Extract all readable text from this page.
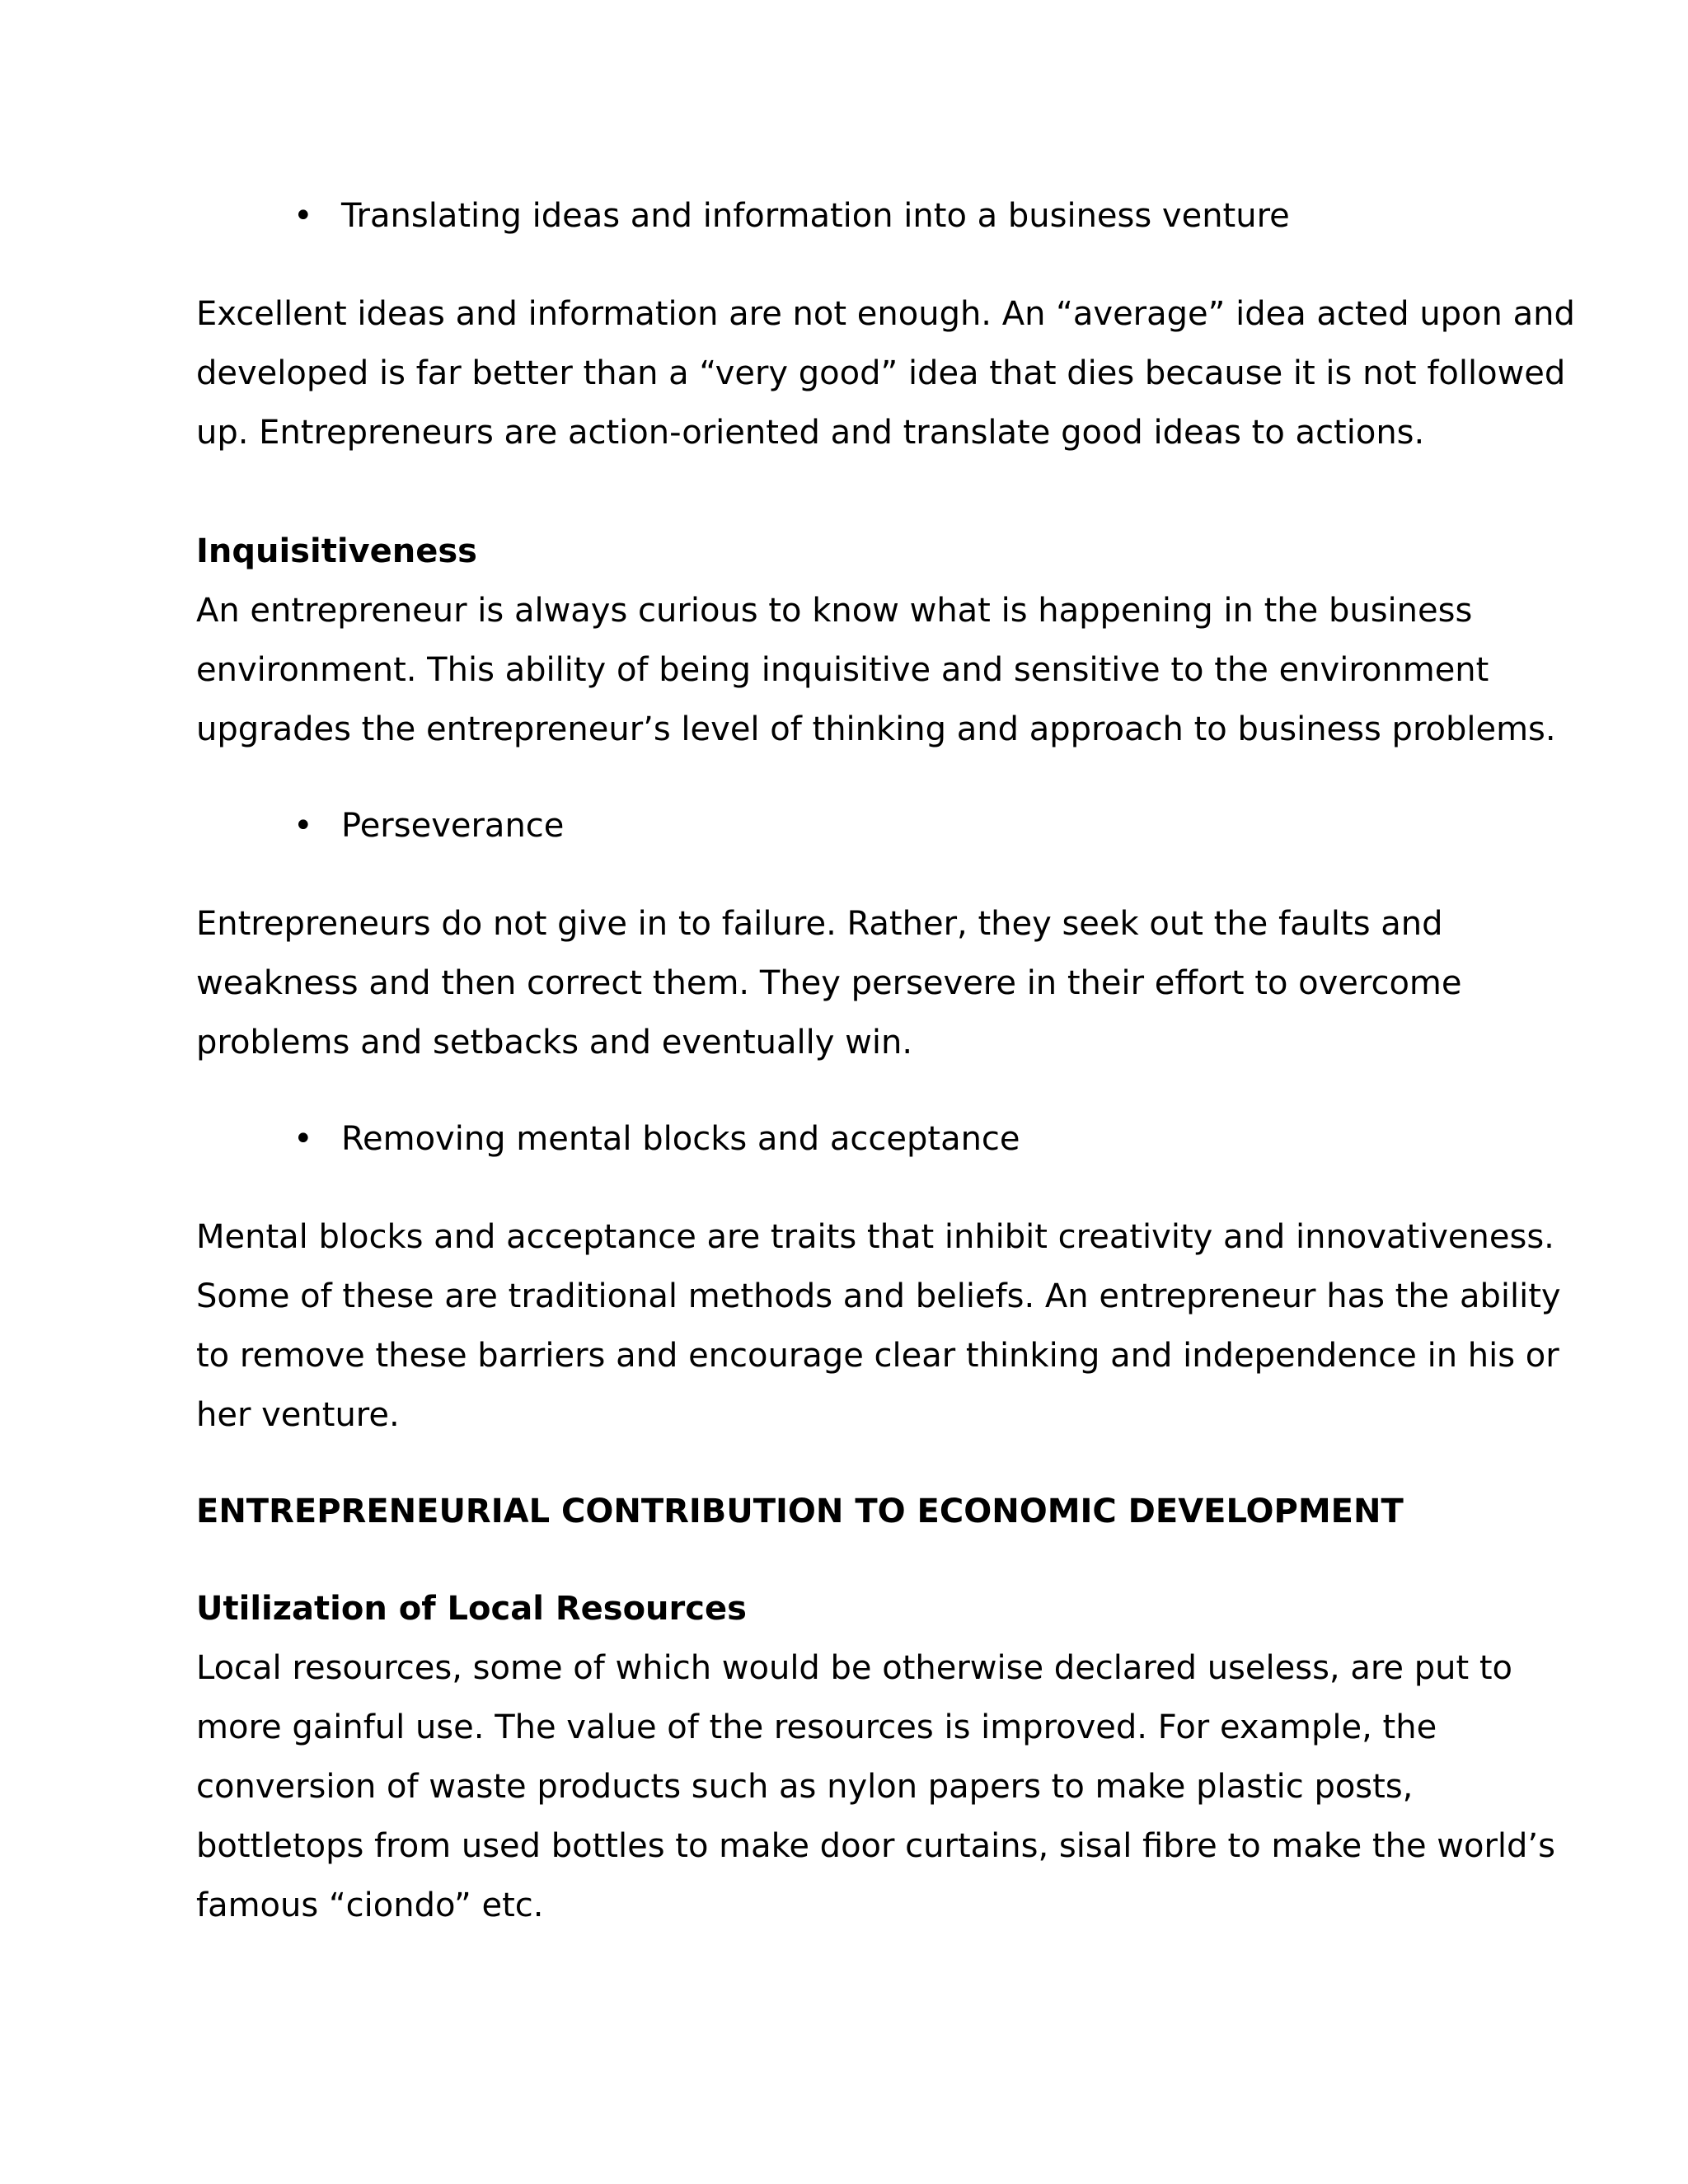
• Translating ideas and information into a business venture

Excellent ideas and information are not enough. An “average” idea acted upon and developed is far better than a “very good” idea that dies because it is not followed up. Entrepreneurs are action-oriented and translate good ideas to actions.

Inquisitiveness

An entrepreneur is always curious to know what is happening in the business environment. This ability of being inquisitive and sensitive to the environment upgrades the entrepreneur’s level of thinking and approach to business problems.

• Perseverance

Entrepreneurs do not give in to failure. Rather, they seek out the faults and weakness and then correct them. They persevere in their effort to overcome problems and setbacks and eventually win.

• Removing mental blocks and acceptance

Mental blocks and acceptance are traits that inhibit creativity and innovativeness. Some of these are traditional methods and beliefs. An entrepreneur has the ability to remove these barriers and encourage clear thinking and independence in his or her venture.

ENTREPRENEURIAL CONTRIBUTION TO ECONOMIC DEVELOPMENT

Utilization of Local Resources

Local resources, some of which would be otherwise declared useless, are put to more gainful use. The value of the resources is improved. For example, the conversion of waste products such as nylon papers to make plastic posts, bottletops from used bottles to make door curtains, sisal fibre to make the world’s famous “ciondo” etc.
